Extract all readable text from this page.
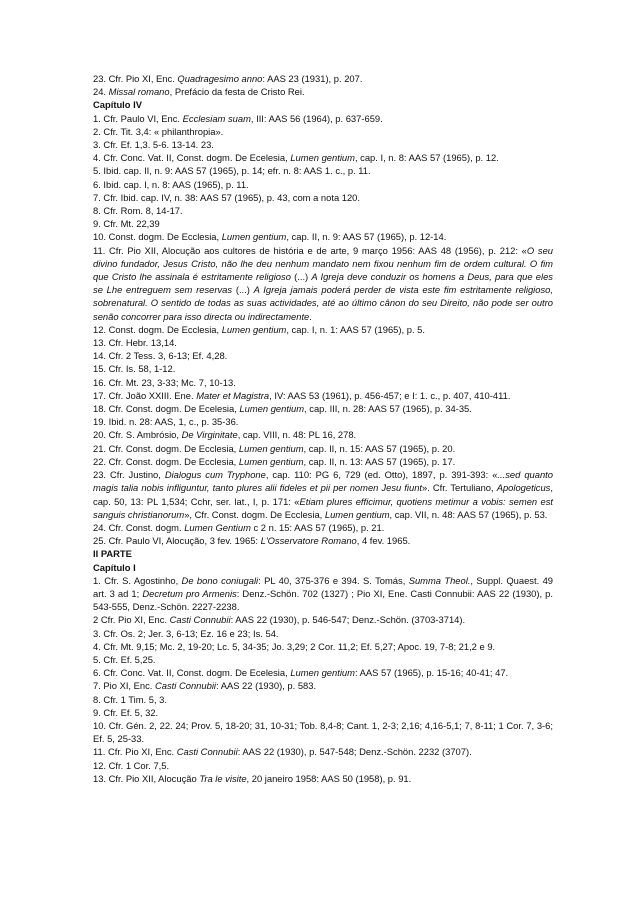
23. Cfr. Pio XI, Enc. Quadragesimo anno: AAS 23 (1931), p. 207.

24. Missal romano, Prefácio da festa de Cristo Rei.

Capítulo IV

1. Cfr. Paulo VI, Enc. Ecclesiam suam, III: AAS 56 (1964), p. 637-659.

2. Cfr. Tit. 3,4: « philanthropia».

3. Cfr. Ef. 1,3. 5-6. 13-14. 23.

4. Cfr. Conc. Vat. II, Const. dogm. De Ecelesia, Lumen gentium, cap. I, n. 8: AAS 57 (1965), p. 12.

5. Ibid. cap. II, n. 9: AAS 57 (1965), p. 14; efr. n. 8: AAS 1. c., p. 11.

6. Ibid. cap. I, n. 8: AAS (1965), p. 11.

7. Cfr. Ibid. cap. IV, n. 38: AAS 57 (1965), p. 43, com a nota 120.

8. Cfr. Rom. 8, 14-17.

9. Cfr. Mt. 22,39

10. Const. dogm. De Ecclesia, Lumen gentium, cap. II, n. 9: AAS 57 (1965), p. 12-14.

11. Cfr. Pio XII, Alocução aos cultores de história e de arte, 9 março 1956: AAS 48 (1956), p. 212: «O seu divino fundador, Jesus Cristo, não lhe deu nenhum mandato nem fixou nenhum fim de ordem cultural. O fim que Cristo lhe assinala é estritamente religioso (...) A Igreja deve conduzir os homens a Deus, para que eles se Lhe entreguem sem reservas (...) A Igreja jamais poderá perder de vista este fim estritamente religioso, sobrenatural. O sentido de todas as suas actividades, até ao último cânon do seu Direito, não pode ser outro senão concorrer para isso directa ou indirectamente.

12. Const. dogm. De Ecclesia, Lumen gentium, cap. I, n. 1: AAS 57 (1965), p. 5.

13. Cfr. Hebr. 13,14.

14. Cfr. 2 Tess. 3, 6-13; Ef. 4,28.

15. Cfr. Is. 58, 1-12.

16. Cfr. Mt. 23, 3-33; Mc. 7, 10-13.

17. Cfr. João XXIII. Ene. Mater et Magistra, IV: AAS 53 (1961), p. 456-457; e I: 1. c., p. 407, 410-411.

18. Cfr. Const. dogm. De Ecelesia, Lumen gentium, cap. III, n. 28: AAS 57 (1965), p. 34-35.

19. Ibid. n. 28: AAS, 1, c., p. 35-36.

20. Cfr. S. Ambrósio, De Virginitate, cap. VIII, n. 48: PL 16, 278.

21. Cfr. Const. dogm. De Ecclesia, Lumen gentium, cap. II, n. 15: AAS 57 (1965), p. 20.

22. Cfr. Const. dogm. De Ecclesia, Lumen gentium, cap. II, n. 13: AAS 57 (1965), p. 17.

23. Cfr. Justino, Dialogus cum Tryphone, cap. 110: PG 6, 729 (ed. Otto), 1897, p. 391-393: «...sed quanto magis talia nobis infliguntur, tanto plures alii fideles et pii per nomen Jesu fiunt». Cfr. Tertuliano, Apologeticus, cap. 50, 13: PL 1,534; Cchr, ser. lat., I, p. 171: «Etiam plures efficimur, quotiens metimur a vobis: semen est sanguis christianorum», Cfr. Const. dogm. De Ecclesia, Lumen gentium, cap. VII, n. 48: AAS 57 (1965), p. 53.

24. Cfr. Const. dogm. Lumen Gentium c 2 n. 15: AAS 57 (1965), p. 21.

25. Cfr. Paulo VI, Alocução, 3 fev. 1965: L'Osservatore Romano, 4 fev. 1965.

II PARTE

Capítulo I

1. Cfr. S. Agostinho, De bono coniugali: PL 40, 375-376 e 394. S. Tomás, Summa Theol., Suppl. Quaest. 49 art. 3 ad 1; Decretum pro Armenis: Denz.-Schön. 702 (1327) ; Pio XI, Ene. Casti Connubii: AAS 22 (1930), p. 543-555, Denz.-Schön. 2227-2238.

2 Cfr. Pio XI, Enc. Casti Connubii: AAS 22 (1930), p. 546-547; Denz.-Schön. (3703-3714).

3. Cfr. Os. 2; Jer. 3, 6-13; Ez. 16 e 23; Is. 54.

4. Cfr. Mt. 9,15; Mc. 2, 19-20; Lc. 5, 34-35; Jo. 3,29; 2 Cor. 11,2; Ef. 5,27; Apoc. 19, 7-8; 21,2 e 9.

5. Cfr. Ef. 5,25.

6. Cfr. Conc. Vat. II, Const. dogm. De Ecelesia, Lumen gentium: AAS 57 (1965), p. 15-16; 40-41; 47.

7. Pio XI, Enc. Casti Connubii: AAS 22 (1930), p. 583.

8. Cfr. 1 Tim. 5, 3.

9. Cfr. Ef. 5, 32.

10. Cfr. Gén. 2, 22. 24; Prov. 5, 18-20; 31, 10-31; Tob. 8,4-8; Cant. 1, 2-3; 2,16; 4,16-5,1; 7, 8-11; 1 Cor. 7, 3-6; Ef. 5, 25-33.

11. Cfr. Pio XI, Enc. Casti Connubii: AAS 22 (1930), p. 547-548; Denz.-Schön. 2232 (3707).

12. Cfr. 1 Cor. 7,5.

13. Cfr. Pio XII, Alocução Tra le visite, 20 janeiro 1958: AAS 50 (1958), p. 91.
